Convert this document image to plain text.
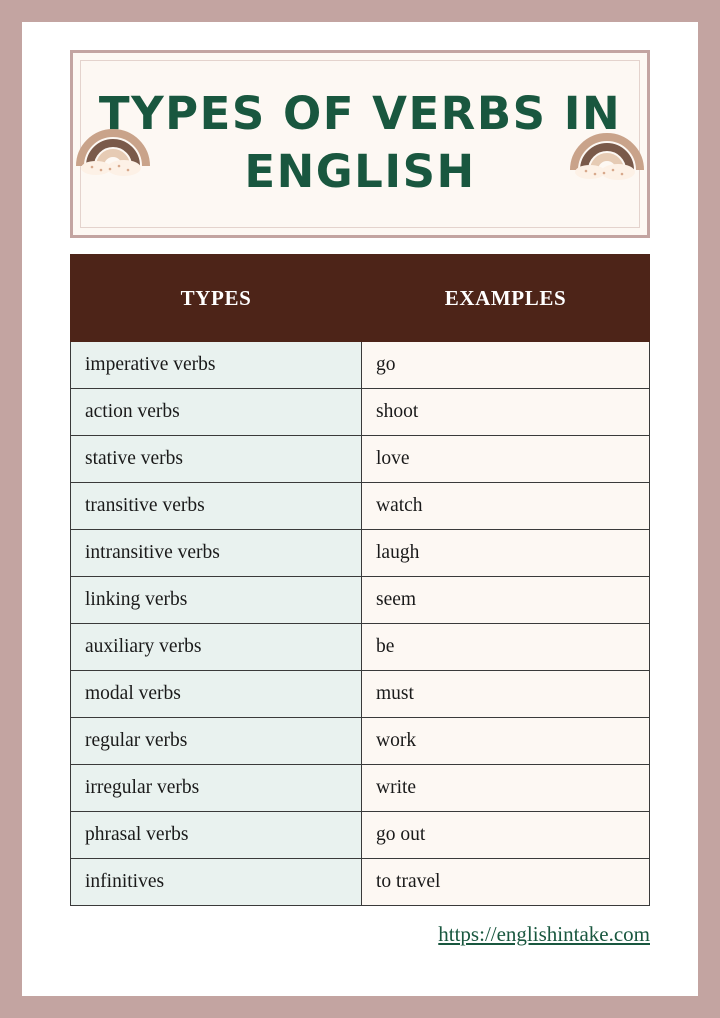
TYPES OF VERBS IN ENGLISH
TYPES	EXAMPLES
imperative verbs	go
action verbs	shoot
stative verbs	love
transitive verbs	watch
intransitive verbs	laugh
linking verbs	seem
auxiliary verbs	be
modal verbs	must
regular verbs	work
irregular verbs	write
phrasal verbs	go out
infinitives	to travel
https://englishintake.com
